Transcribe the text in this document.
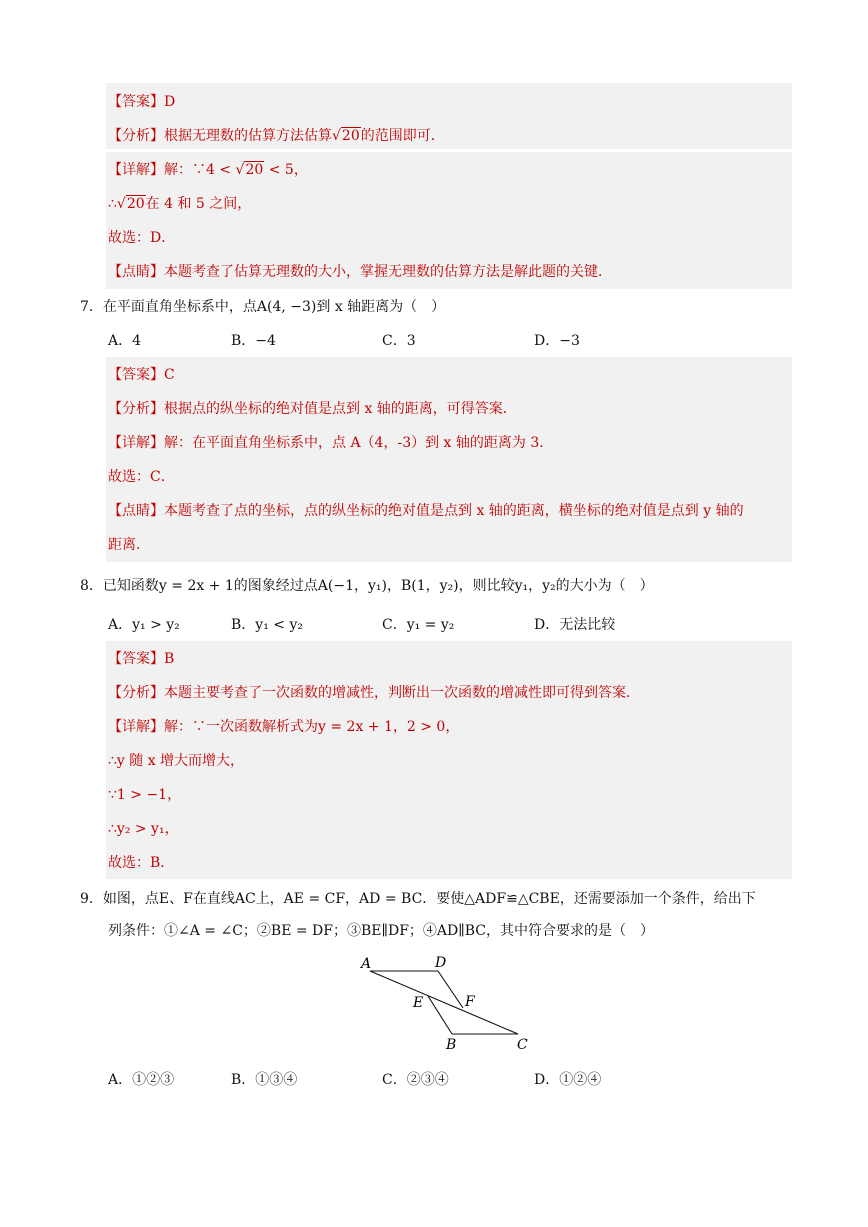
【答案】D
【分析】根据无理数的估算方法估算√20的范围即可．
【详解】解：∵4 < √20 < 5，
∴√20在 4 和 5 之间，
故选：D．
【点睛】本题考查了估算无理数的大小，掌握无理数的估算方法是解此题的关键．
7．在平面直角坐标系中，点A(4, −3)到 x 轴距离为（　）
A．4	B．−4	C．3	D．−3
【答案】C
【分析】根据点的纵坐标的绝对值是点到 x 轴的距离，可得答案．
【详解】解：在平面直角坐标系中，点 A（4，-3）到 x 轴的距离为 3．
故选：C．
【点睛】本题考查了点的坐标，点的纵坐标的绝对值是点到 x 轴的距离，横坐标的绝对值是点到 y 轴的
距离．
8．已知函数y = 2x + 1的图象经过点A(−1，y₁)，B(1，y₂)，则比较y₁，y₂的大小为（　）
A．y₁ > y₂	B．y₁ < y₂	C．y₁ = y₂	D．无法比较
【答案】B
【分析】本题主要考查了一次函数的增减性，判断出一次函数的增减性即可得到答案．
【详解】解：∵一次函数解析式为y = 2x + 1，2 > 0，
∴y 随 x 增大而增大，
∵1 > −1，
∴y₂ > y₁，
故选：B．
9．如图，点E、F在直线AC上，AE = CF，AD = BC．要使△ADF≌△CBE，还需要添加一个条件，给出下
列条件：①∠A = ∠C；②BE = DF；③BE∥DF；④AD∥BC，其中符合要求的是（　）
A	D
E	F
B	C
A．①②③	B．①③④	C．②③④	D．①②④
